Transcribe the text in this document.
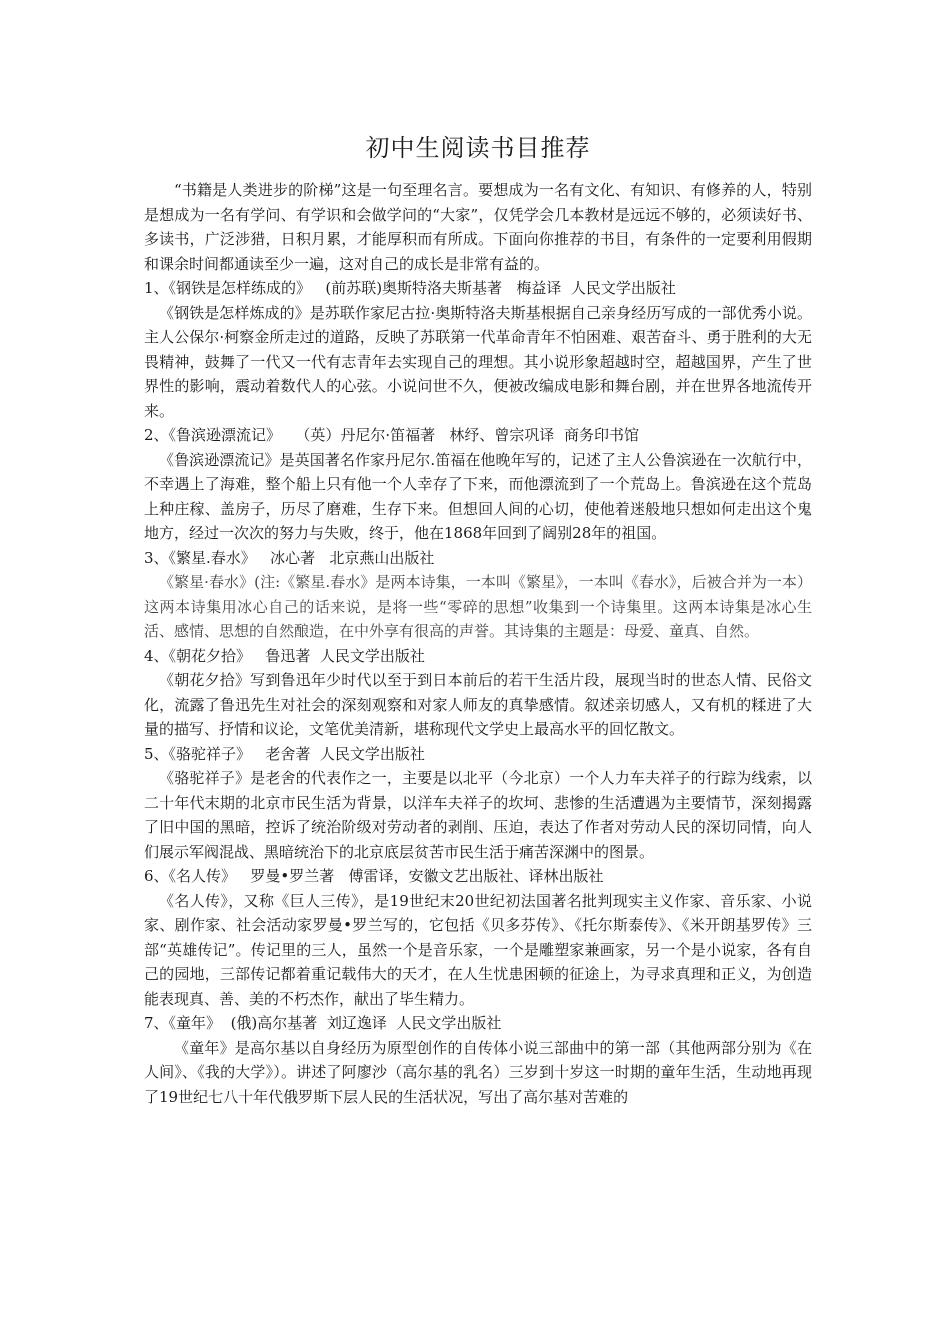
初中生阅读书目推荐

“书籍是人类进步的阶梯”这是一句至理名言。要想成为一名有文化、有知识、有修养的人，特别是想成为一名有学问、有学识和会做学问的“大家”，仅凭学会几本教材是远远不够的，必须读好书、多读书，广泛涉猎，日积月累，才能厚积而有所成。下面向你推荐的书目，有条件的一定要利用假期和课余时间都通读至少一遍，这对自己的成长是非常有益的。

1、《钢铁是怎样练成的》   (前苏联)奥斯特洛夫斯基著   梅益译  人民文学出版社

《钢铁是怎样炼成的》是苏联作家尼古拉·奥斯特洛夫斯基根据自己亲身经历写成的一部优秀小说。主人公保尔·柯察金所走过的道路，反映了苏联第一代革命青年不怕困难、艰苦奋斗、勇于胜利的大无畏精神，鼓舞了一代又一代有志青年去实现自己的理想。其小说形象超越时空，超越国界，产生了世界性的影响，震动着数代人的心弦。小说问世不久，便被改编成电影和舞台剧，并在世界各地流传开来。

2、《鲁滨逊漂流记》   （英）丹尼尔·笛福著   林纾、曾宗巩译  商务印书馆

《鲁滨逊漂流记》是英国著名作家丹尼尔.笛福在他晚年写的，记述了主人公鲁滨逊在一次航行中，不幸遇上了海难，整个船上只有他一个人幸存了下来，而他漂流到了一个荒岛上。鲁滨逊在这个荒岛上种庄稼、盖房子，历尽了磨难，生存下来。但想回人间的心切，使他着迷般地只想如何走出这个鬼地方，经过一次次的努力与失败，终于，他在1868年回到了阔别28年的祖国。

3、《繁星.春水》   冰心著   北京燕山出版社

《繁星·春水》(注:《繁星.春水》是两本诗集，一本叫《繁星》，一本叫《春水》，后被合并为一本）这两本诗集用冰心自己的话来说，是将一些“零碎的思想”收集到一个诗集里。这两本诗集是冰心生活、感情、思想的自然酿造，在中外享有很高的声誉。其诗集的主题是：母爱、童真、自然。

4、《朝花夕拾》   鲁迅著  人民文学出版社

《朝花夕拾》写到鲁迅年少时代以至于到日本前后的若干生活片段，展现当时的世态人情、民俗文化，流露了鲁迅先生对社会的深刻观察和对家人师友的真挚感情。叙述亲切感人，又有机的糅进了大量的描写、抒情和议论，文笔优美清新，堪称现代文学史上最高水平的回忆散文。

5、《骆驼祥子》   老舍著  人民文学出版社

《骆驼祥子》是老舍的代表作之一，主要是以北平（今北京）一个人力车夫祥子的行踪为线索，以二十年代末期的北京市民生活为背景，以洋车夫祥子的坎坷、悲惨的生活遭遇为主要情节，深刻揭露了旧中国的黑暗，控诉了统治阶级对劳动者的剥削、压迫，表达了作者对劳动人民的深切同情，向人们展示军阀混战、黑暗统治下的北京底层贫苦市民生活于痛苦深渊中的图景。

6、《名人传》   罗曼•罗兰著   傅雷译，安徽文艺出版社、译林出版社

《名人传》，又称《巨人三传》，是19世纪末20世纪初法国著名批判现实主义作家、音乐家、小说家、剧作家、社会活动家罗曼•罗兰写的，它包括《贝多芬传》、《托尔斯泰传》、《米开朗基罗传》三部“英雄传记”。传记里的三人，虽然一个是音乐家，一个是雕塑家兼画家，另一个是小说家，各有自己的园地，三部传记都着重记载伟大的天才，在人生忧患困顿的征途上，为寻求真理和正义，为创造能表现真、善、美的不朽杰作，献出了毕生精力。

7、《童年》  (俄)高尔基著  刘辽逸译  人民文学出版社

《童年》是高尔基以自身经历为原型创作的自传体小说三部曲中的第一部（其他两部分别为《在人间》、《我的大学》）。讲述了阿廖沙（高尔基的乳名）三岁到十岁这一时期的童年生活，生动地再现了19世纪七八十年代俄罗斯下层人民的生活状况，写出了高尔基对苦难的
